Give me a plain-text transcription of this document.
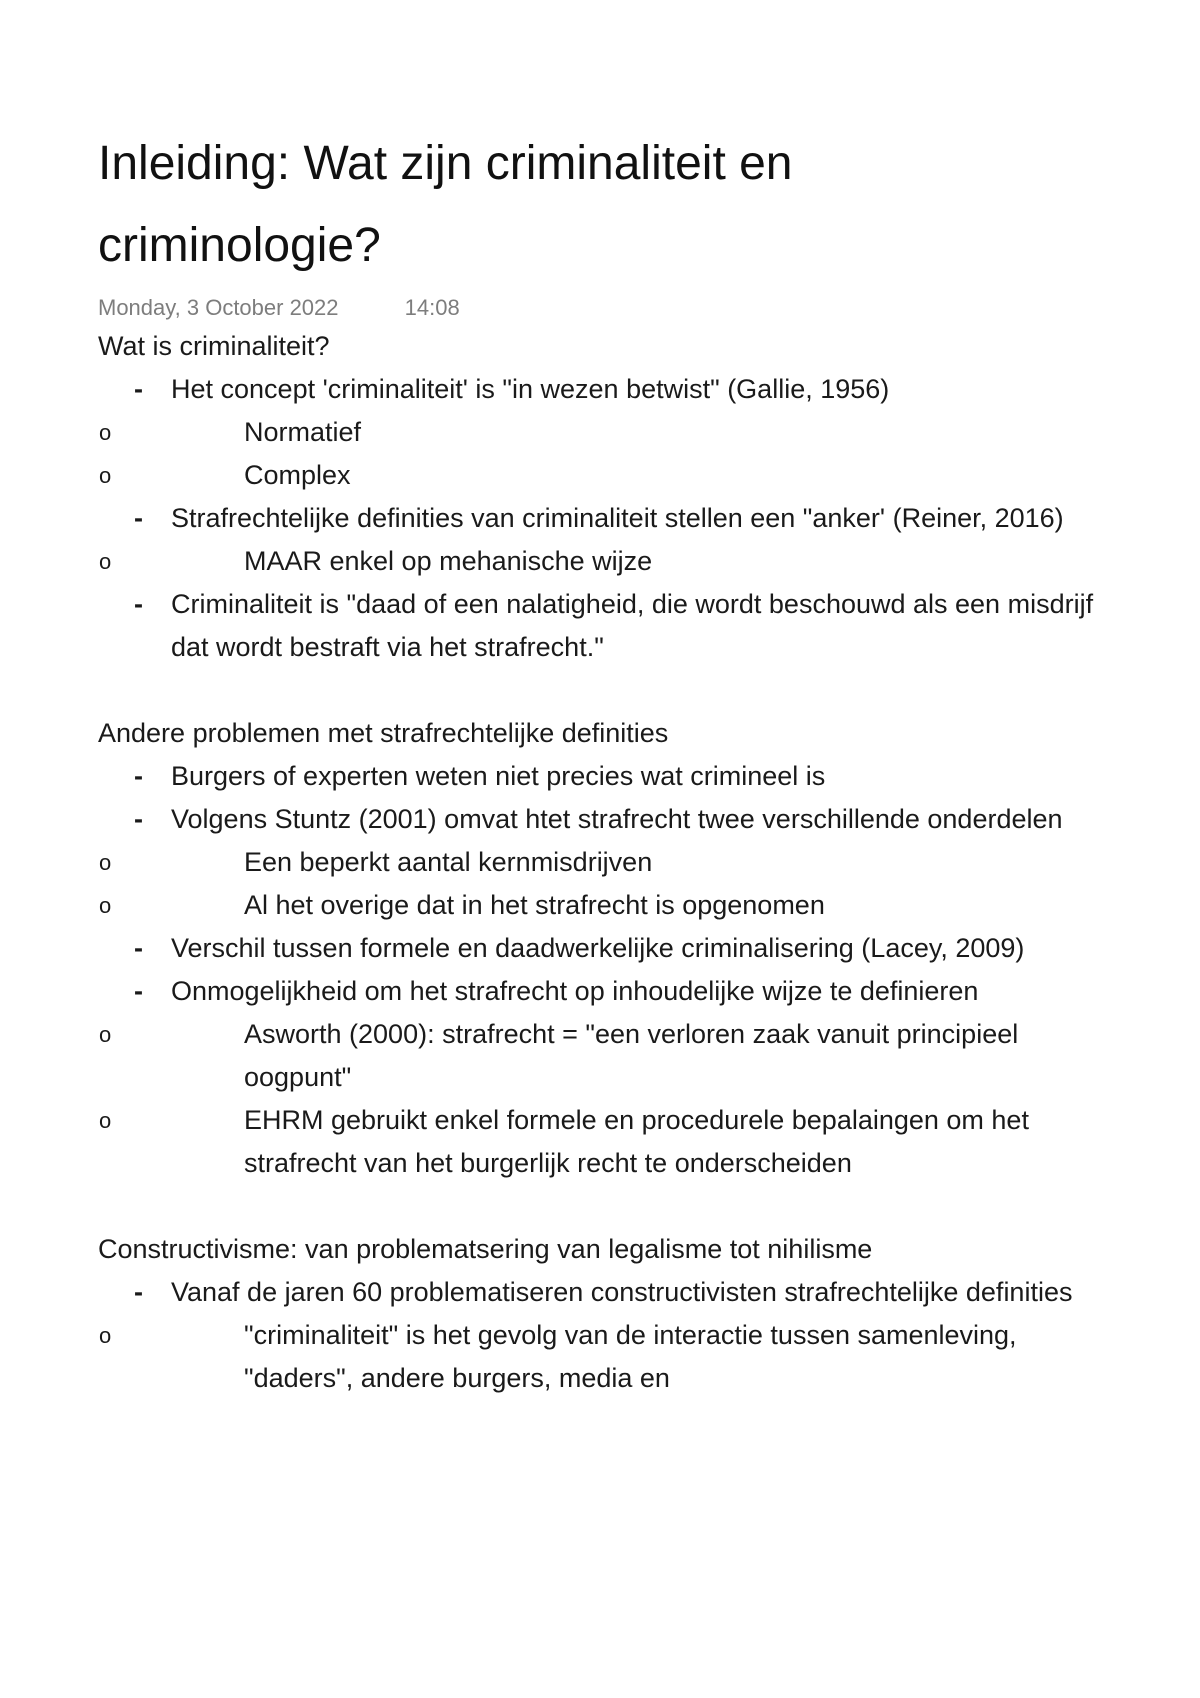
Inleiding: Wat zijn criminaliteit en criminologie?
Monday, 3 October 2022	14:08

Wat is criminaliteit?

- Het concept 'criminaliteit' is "in wezen betwist" (Gallie, 1956)
o Normatief
o Complex
- Strafrechtelijke definities van criminaliteit stellen een "anker' (Reiner, 2016)
o MAAR enkel op mehanische wijze
- Criminaliteit is "daad of een nalatigheid, die wordt beschouwd als een misdrijf dat wordt bestraft via het strafrecht."

Andere problemen met strafrechtelijke definities

- Burgers of experten weten niet precies wat crimineel is
- Volgens Stuntz (2001) omvat htet strafrecht twee verschillende onderdelen
o Een beperkt aantal kernmisdrijven
o Al het overige dat in het strafrecht is opgenomen
- Verschil tussen formele en daadwerkelijke criminalisering (Lacey, 2009)
- Onmogelijkheid om het strafrecht op inhoudelijke wijze te definieren
o Asworth (2000): strafrecht = "een verloren zaak vanuit principieel oogpunt"
o EHRM gebruikt enkel formele en procedurele bepalaingen om het strafrecht van het burgerlijk recht te onderscheiden

Constructivisme: van problematsering van legalisme tot nihilisme

- Vanaf de jaren 60 problematiseren constructivisten strafrechtelijke definities
o "criminaliteit" is het gevolg van de interactie tussen samenleving, "daders", andere burgers, media en
